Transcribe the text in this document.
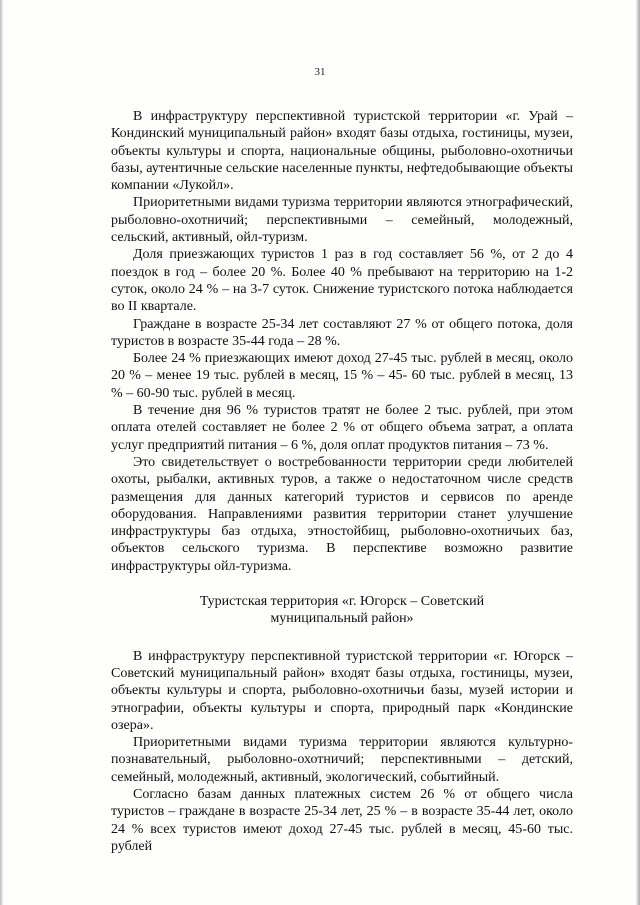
31

В инфраструктуру перспективной туристской территории «г. Урай – Кондинский муниципальный район» входят базы отдыха, гостиницы, музеи, объекты культуры и спорта, национальные общины, рыболовно-охотничьи базы, аутентичные сельские населенные пункты, нефтедобывающие объекты компании «Лукойл».

Приоритетными видами туризма территории являются этнографический, рыболовно-охотничий; перспективными – семейный, молодежный, сельский, активный, ойл-туризм.

Доля приезжающих туристов 1 раз в год составляет 56 %, от 2 до 4 поездок в год – более 20 %. Более 40 % пребывают на территорию на 1-2 суток, около 24 % – на 3-7 суток. Снижение туристского потока наблюдается во II квартале.

Граждане в возрасте 25-34 лет составляют 27 % от общего потока, доля туристов в возрасте 35-44 года – 28 %.

Более 24 % приезжающих имеют доход 27-45 тыс. рублей в месяц, около 20 % – менее 19 тыс. рублей в месяц, 15 % – 45- 60 тыс. рублей в месяц, 13 % – 60-90 тыс. рублей в месяц.

В течение дня 96 % туристов тратят не более 2 тыс. рублей, при этом оплата отелей составляет не более 2 % от общего объема затрат, а оплата услуг предприятий питания – 6 %, доля оплат продуктов питания – 73 %.

Это свидетельствует о востребованности территории среди любителей охоты, рыбалки, активных туров, а также о недостаточном числе средств размещения для данных категорий туристов и сервисов по аренде оборудования. Направлениями развития территории станет улучшение инфраструктуры баз отдыха, этностойбищ, рыболовно-охотничьих баз, объектов сельского туризма. В перспективе возможно развитие инфраструктуры ойл-туризма.

Туристская территория «г. Югорск – Советский
муниципальный район»

В инфраструктуру перспективной туристской территории «г. Югорск – Советский муниципальный район» входят базы отдыха, гостиницы, музеи, объекты культуры и спорта, рыболовно-охотничьи базы, музей истории и этнографии, объекты культуры и спорта, природный парк «Кондинские озера».

Приоритетными видами туризма территории являются культурно-познавательный, рыболовно-охотничий; перспективными – детский, семейный, молодежный, активный, экологический, событийный.

Согласно базам данных платежных систем 26 % от общего числа туристов – граждане в возрасте 25-34 лет, 25 % – в возрасте 35-44 лет, около 24 % всех туристов имеют доход 27-45 тыс. рублей в месяц, 45-60 тыс. рублей
